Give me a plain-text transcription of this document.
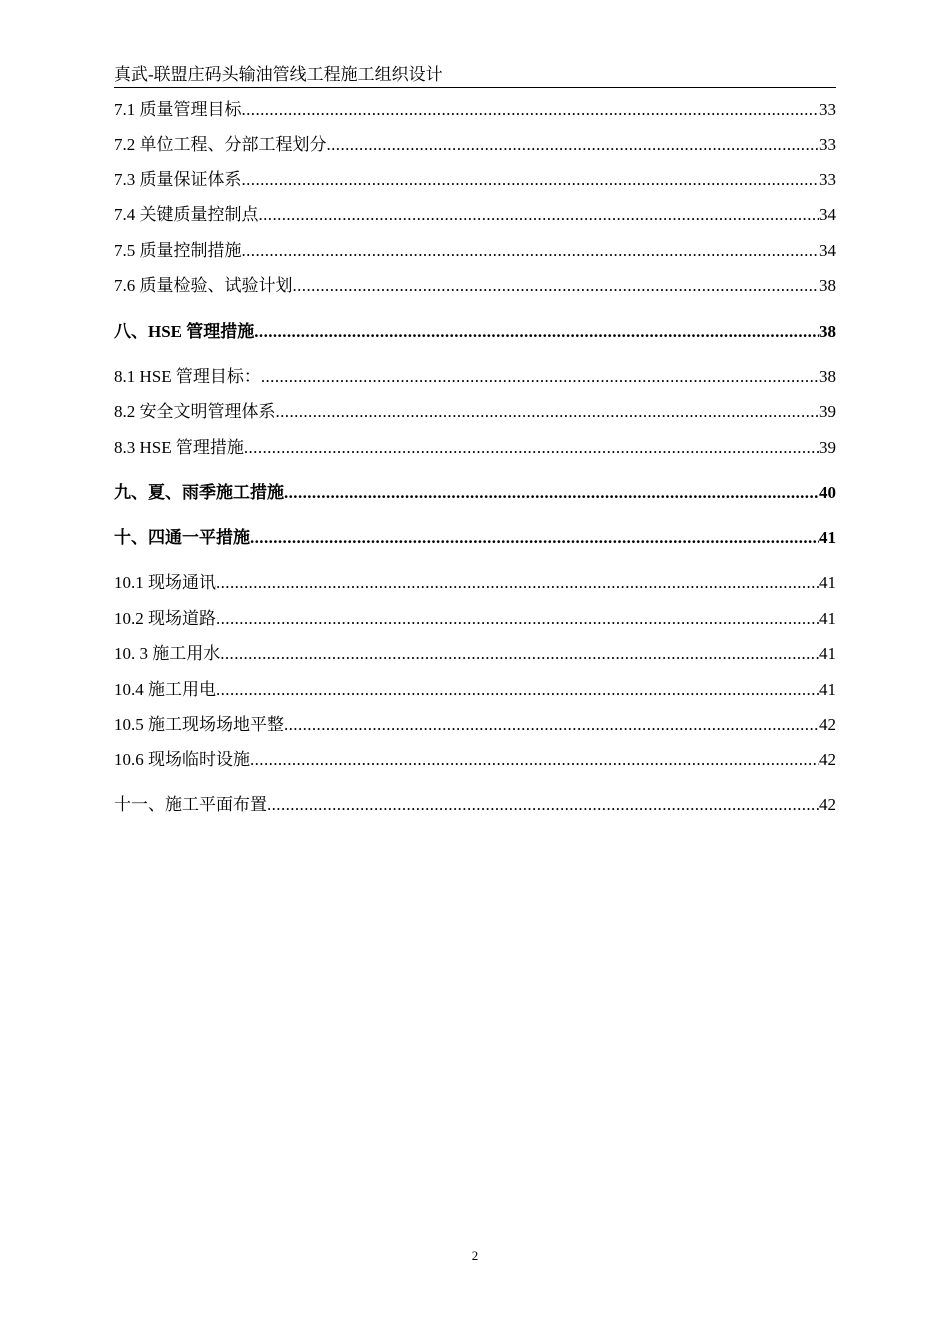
真武-联盟庄码头输油管线工程施工组织设计
7.1 质量管理目标 .....	33
7.2 单位工程、分部工程划分 .....	33
7.3 质量保证体系 .....	33
7.4 关键质量控制点 .....	34
7.5 质量控制措施 .....	34
7.6 质量检验、试验计划 .....	38
八、HSE 管理措施 .....	38
8.1 HSE 管理目标： .....	38
8.2 安全文明管理体系 .....	39
8.3 HSE 管理措施 .....	39
九、夏、雨季施工措施 .....	40
十、四通一平措施 .....	41
10.1 现场通讯 .....	41
10.2 现场道路 .....	41
10. 3 施工用水 .....	41
10.4 施工用电 .....	41
10.5 施工现场场地平整 .....	42
10.6 现场临时设施 .....	42
十一、施工平面布置 .....	42
2
